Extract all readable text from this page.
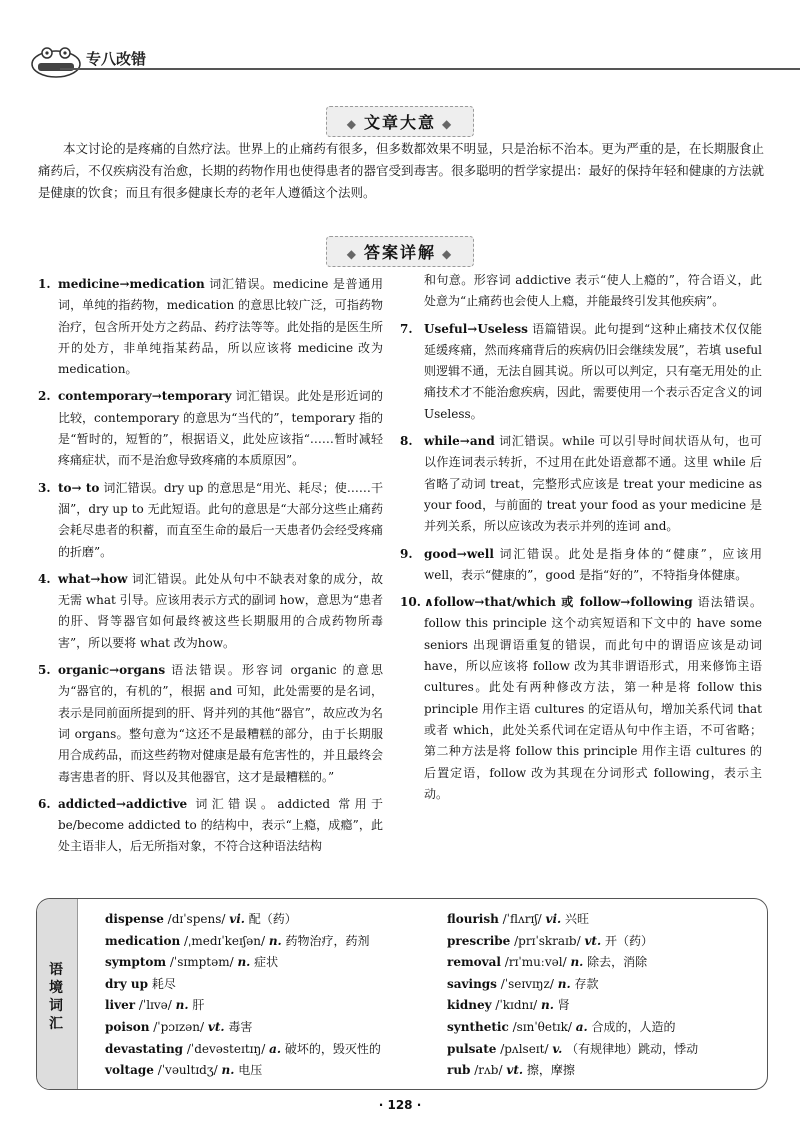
专八改错
◆ 文章大意 ◆

本文讨论的是疼痛的自然疗法。世界上的止痛药有很多，但多数都效果不明显，只是治标不治本。更为严重的是，在长期服食止痛药后，不仅疾病没有治愈，长期的药物作用也使得患者的器官受到毒害。很多聪明的哲学家提出：最好的保持年轻和健康的方法就是健康的饮食；而且有很多健康长寿的老年人遵循这个法则。

◆ 答案详解 ◆
1. medicine→medication 词汇错误。medicine 是普通用词，单纯的指药物，medication 的意思比较广泛，可指药物治疗，包含所开处方之药品、药疗法等等。此处指的是医生所开的处方，非单纯指某药品，所以应该将 medicine 改为 medication。
2. contemporary→temporary 词汇错误。此处是形近词的比较，contemporary 的意思为“当代的”，temporary 指的是“暂时的，短暂的”，根据语义，此处应该指“……暂时减轻疼痛症状，而不是治愈导致疼痛的本质原因”。
3. to→ to 词汇错误。dry up 的意思是“用光、耗尽；使……干涸”，dry up to 无此短语。此句的意思是“大部分这些止痛药会耗尽患者的积蓄，而直至生命的最后一天患者仍会经受疼痛的折磨”。
4. what→how 词汇错误。此处从句中不缺表对象的成分，故无需 what 引导。应该用表示方式的副词 how，意思为“患者的肝、肾等器官如何最终被这些长期服用的合成药物所毒害”，所以要将 what 改为how。
5. organic→organs 语法错误。形容词 organic 的意思为“器官的，有机的”，根据 and 可知，此处需要的是名词，表示是同前面所提到的肝、肾并列的其他“器官”，故应改为名词 organs。整句意为“这还不是最糟糕的部分，由于长期服用合成药品，而这些药物对健康是最有危害性的，并且最终会毒害患者的肝、肾以及其他器官，这才是最糟糕的。”
6. addicted→addictive 词汇错误。addicted 常用于 be/become addicted to 的结构中，表示“上瘾，成瘾”，此处主语非人，后无所指对象，不符合这种语法结构
和句意。形容词 addictive 表示“使人上瘾的”，符合语义，此处意为“止痛药也会使人上瘾，并能最终引发其他疾病”。
7. Useful→Useless 语篇错误。此句提到“这种止痛技术仅仅能延缓疼痛，然而疼痛背后的疾病仍旧会继续发展”，若填 useful 则逻辑不通，无法自圆其说。所以可以判定，只有毫无用处的止痛技术才不能治愈疾病，因此，需要使用一个表示否定含义的词 Useless。
8. while→and 词汇错误。while 可以引导时间状语从句，也可以作连词表示转折，不过用在此处语意都不通。这里 while 后省略了动词 treat，完整形式应该是 treat your medicine as your food，与前面的 treat your food as your medicine 是并列关系，所以应该改为表示并列的连词 and。
9. good→well 词汇错误。此处是指身体的“健康”，应该用 well，表示“健康的”，good 是指“好的”，不特指身体健康。
10. ∧follow→that/which 或 follow→following 语法错误。follow this principle 这个动宾短语和下文中的 have some seniors 出现谓语重复的错误，而此句中的谓语应该是动词 have，所以应该将 follow 改为其非谓语形式，用来修饰主语 cultures。此处有两种修改方法，第一种是将 follow this principle 用作主语 cultures 的定语从句，增加关系代词 that 或者 which，此处关系代词在定语从句中作主语，不可省略；第二种方法是将 follow this principle 用作主语 cultures 的后置定语，follow 改为其现在分词形式 following，表示主动。
语境词汇
dispense /dɪˈspens/ vi. 配（药）
medication /ˌmedɪˈkeɪʃən/ n. 药物治疗，药剂
symptom /ˈsɪmptəm/ n. 症状
dry up 耗尽
liver /ˈlɪvə/ n. 肝
poison /ˈpɔɪzən/ vt. 毒害
devastating /ˈdevəsteɪtɪŋ/ a. 破坏的，毁灭性的
voltage /ˈvəultɪdʒ/ n. 电压
flourish /ˈflʌrɪʃ/ vi. 兴旺
prescribe /prɪˈskraɪb/ vt. 开（药）
removal /rɪˈmuːvəl/ n. 除去，消除
savings /ˈseɪvɪŋz/ n. 存款
kidney /ˈkɪdnɪ/ n. 肾
synthetic /sɪnˈθetɪk/ a. 合成的，人造的
pulsate /pʌlseɪt/ v. （有规律地）跳动，悸动
rub /rʌb/ vt. 擦，摩擦
· 128 ·
